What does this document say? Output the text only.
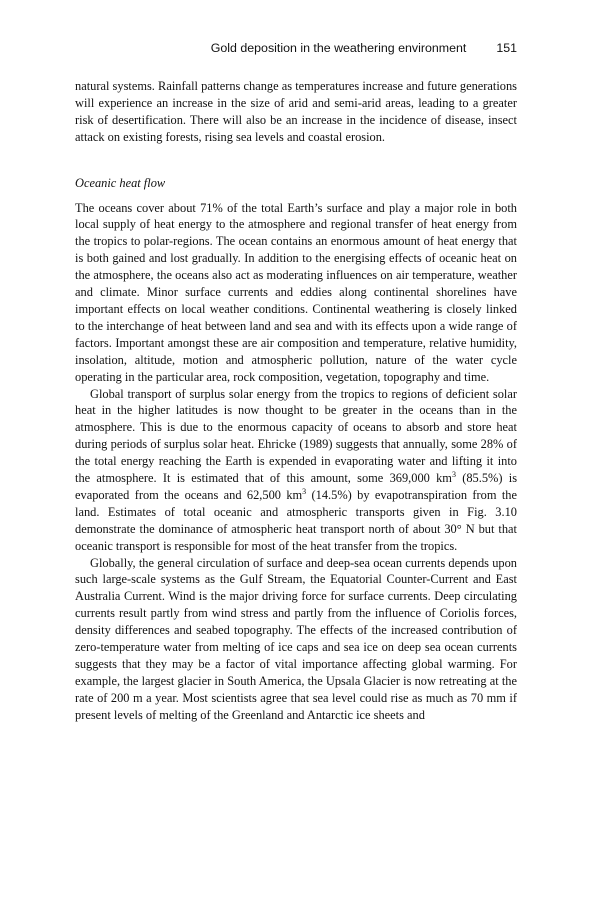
Gold deposition in the weathering environment 151

natural systems. Rainfall patterns change as temperatures increase and future generations will experience an increase in the size of arid and semi-arid areas, leading to a greater risk of desertification. There will also be an increase in the incidence of disease, insect attack on existing forests, rising sea levels and coastal erosion.

Oceanic heat flow

The oceans cover about 71% of the total Earth’s surface and play a major role in both local supply of heat energy to the atmosphere and regional transfer of heat energy from the tropics to polar-regions. The ocean contains an enormous amount of heat energy that is both gained and lost gradually. In addition to the energising effects of oceanic heat on the atmosphere, the oceans also act as moderating influences on air temperature, weather and climate. Minor surface currents and eddies along continental shorelines have important effects on local weather conditions. Continental weathering is closely linked to the interchange of heat between land and sea and with its effects upon a wide range of factors. Important amongst these are air composition and temperature, relative humidity, insolation, altitude, motion and atmospheric pollution, nature of the water cycle operating in the particular area, rock composition, vegetation, topography and time.

Global transport of surplus solar energy from the tropics to regions of deficient solar heat in the higher latitudes is now thought to be greater in the oceans than in the atmosphere. This is due to the enormous capacity of oceans to absorb and store heat during periods of surplus solar heat. Ehricke (1989) suggests that annually, some 28% of the total energy reaching the Earth is expended in evaporating water and lifting it into the atmosphere. It is estimated that of this amount, some 369,000 $km^3$ (85.5%) is evaporated from the oceans and 62,500 $km^3$ (14.5%) by evapotranspiration from the land. Estimates of total oceanic and atmospheric transports given in Fig. 3.10 demonstrate the dominance of atmospheric heat transport north of about 30° N but that oceanic transport is responsible for most of the heat transfer from the tropics.

Globally, the general circulation of surface and deep-sea ocean currents depends upon such large-scale systems as the Gulf Stream, the Equatorial Counter-Current and East Australia Current. Wind is the major driving force for surface currents. Deep circulating currents result partly from wind stress and partly from the influence of Coriolis forces, density differences and seabed topography. The effects of the increased contribution of zero-temperature water from melting of ice caps and sea ice on deep sea ocean currents suggests that they may be a factor of vital importance affecting global warming. For example, the largest glacier in South America, the Upsala Glacier is now retreating at the rate of 200 m a year. Most scientists agree that sea level could rise as much as 70 mm if present levels of melting of the Greenland and Antarctic ice sheets and
